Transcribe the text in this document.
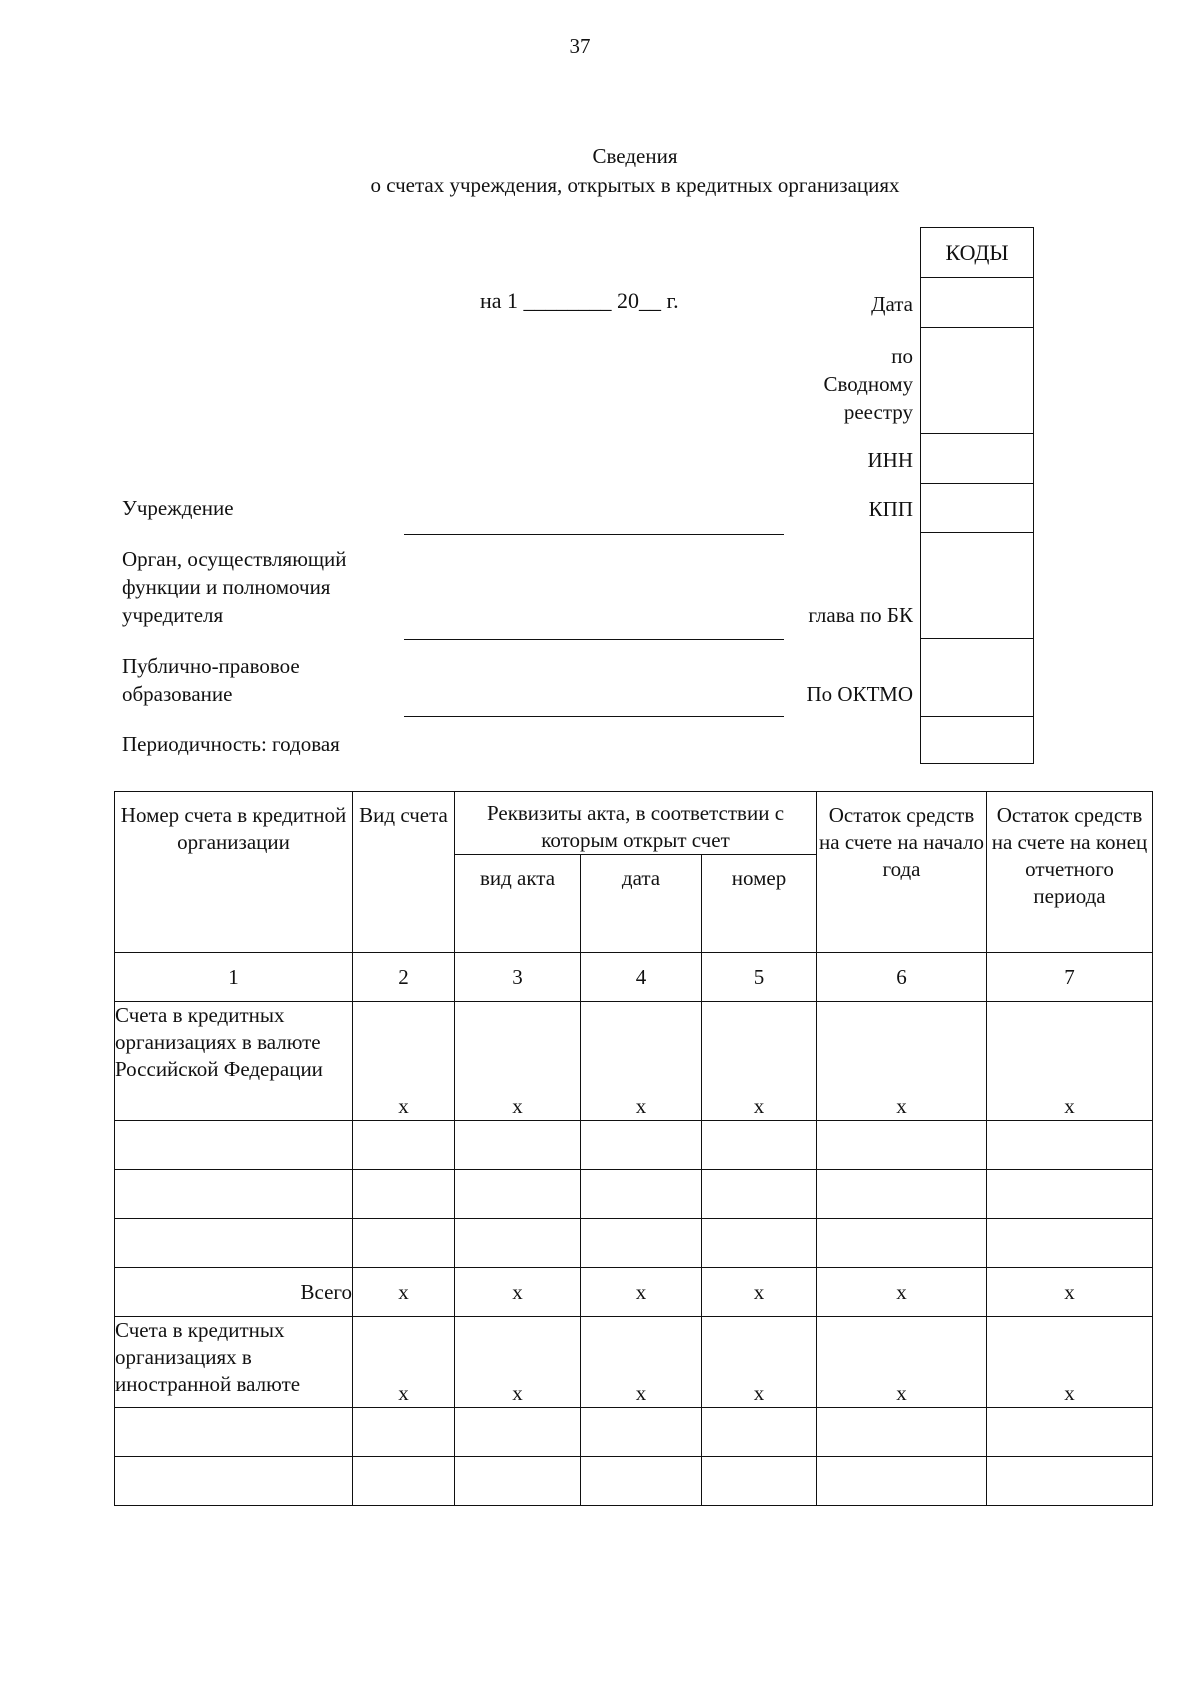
37
Сведения
о счетах учреждения, открытых в кредитных организациях
на 1 ________ 20__ г.
КОДЫ
Дата
по
Сводному
реестру
ИНН
КПП
глава по БК
По ОКТМО
Учреждение
Орган, осуществляющий
функции и полномочия
учредителя
Публично-правовое
образование
Периодичность: годовая
Номер счета в кредитной организации	Вид счета	Реквизиты акта, в соответствии с которым открыт счет			Остаток средств на счете на начало года	Остаток средств на счете на конец отчетного периода
		вид акта	дата	номер		
1	2	3	4	5	6	7
Счета в кредитных организациях в валюте Российской Федерации	x	x	x	x	x	x

Всего	x	x	x	x	x	x
Счета в кредитных организациях в иностранной валюте	x	x	x	x	x	x
